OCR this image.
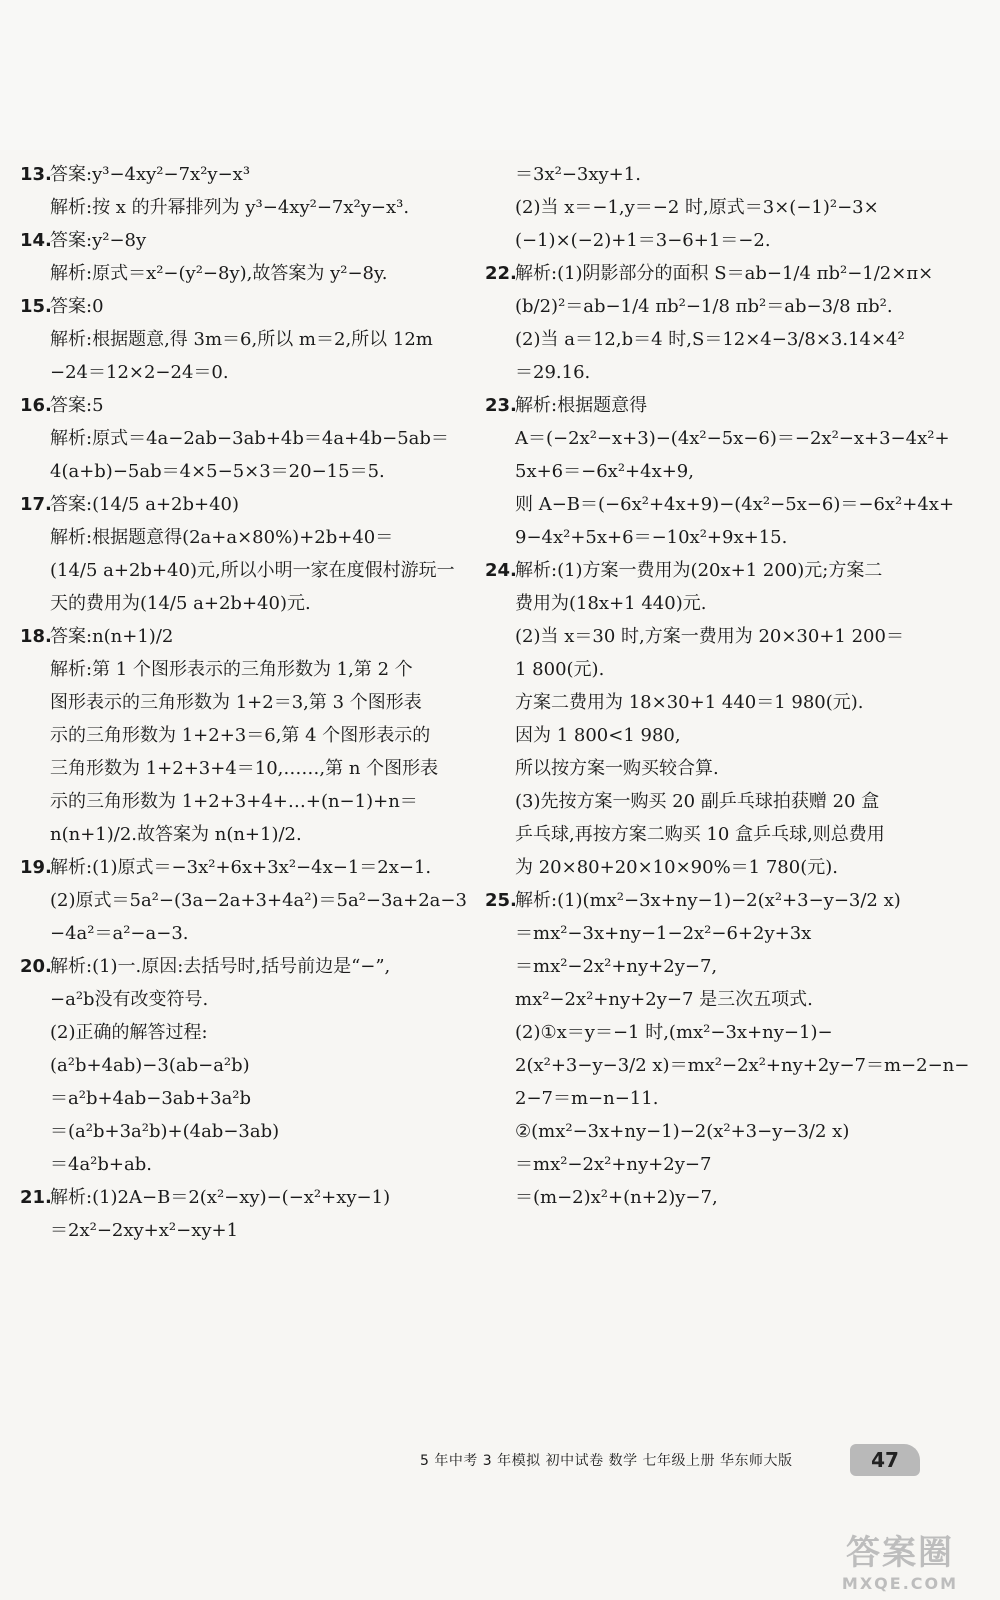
13.答案:y³−4xy²−7x²y−x³
解析:按 x 的升幂排列为 y³−4xy²−7x²y−x³.
14.答案:y²−8y
解析:原式＝x²−(y²−8y),故答案为 y²−8y.
15.答案:0
解析:根据题意,得 3m＝6,所以 m＝2,所以 12m
−24＝12×2−24＝0.
16.答案:5
解析:原式＝4a−2ab−3ab+4b＝4a+4b−5ab＝
4(a+b)−5ab＝4×5−5×3＝20−15＝5.
17.答案:(14/5 a+2b+40)
解析:根据题意得(2a+a×80%)+2b+40＝
(14/5 a+2b+40)元,所以小明一家在度假村游玩一
天的费用为(14/5 a+2b+40)元.
18.答案:n(n+1)/2
解析:第 1 个图形表示的三角形数为 1,第 2 个
图形表示的三角形数为 1+2＝3,第 3 个图形表
示的三角形数为 1+2+3＝6,第 4 个图形表示的
三角形数为 1+2+3+4＝10,……,第 n 个图形表
示的三角形数为 1+2+3+4+…+(n−1)+n＝
n(n+1)/2.故答案为 n(n+1)/2.
19.解析:(1)原式＝−3x²+6x+3x²−4x−1＝2x−1.
(2)原式＝5a²−(3a−2a+3+4a²)＝5a²−3a+2a−3
−4a²＝a²−a−3.
20.解析:(1)一.原因:去括号时,括号前边是“−”,
−a²b没有改变符号.
(2)正确的解答过程:
(a²b+4ab)−3(ab−a²b)
＝a²b+4ab−3ab+3a²b
＝(a²b+3a²b)+(4ab−3ab)
＝4a²b+ab.
21.解析:(1)2A−B＝2(x²−xy)−(−x²+xy−1)
＝2x²−2xy+x²−xy+1
＝3x²−3xy+1.
(2)当 x＝−1,y＝−2 时,原式＝3×(−1)²−3×
(−1)×(−2)+1＝3−6+1＝−2.
22.解析:(1)阴影部分的面积 S＝ab−1/4 πb²−1/2×π×
(b/2)²＝ab−1/4 πb²−1/8 πb²＝ab−3/8 πb².
(2)当 a＝12,b＝4 时,S＝12×4−3/8×3.14×4²
＝29.16.
23.解析:根据题意得
A＝(−2x²−x+3)−(4x²−5x−6)＝−2x²−x+3−4x²+
5x+6＝−6x²+4x+9,
则 A−B＝(−6x²+4x+9)−(4x²−5x−6)＝−6x²+4x+
9−4x²+5x+6＝−10x²+9x+15.
24.解析:(1)方案一费用为(20x+1 200)元;方案二
费用为(18x+1 440)元.
(2)当 x＝30 时,方案一费用为 20×30+1 200＝
1 800(元).
方案二费用为 18×30+1 440＝1 980(元).
因为 1 800<1 980,
所以按方案一购买较合算.
(3)先按方案一购买 20 副乒乓球拍获赠 20 盒
乒乓球,再按方案二购买 10 盒乒乓球,则总费用
为 20×80+20×10×90%＝1 780(元).
25.解析:(1)(mx²−3x+ny−1)−2(x²+3−y−3/2 x)
＝mx²−3x+ny−1−2x²−6+2y+3x
＝mx²−2x²+ny+2y−7,
mx²−2x²+ny+2y−7 是三次五项式.
(2)①x＝y＝−1 时,(mx²−3x+ny−1)−
2(x²+3−y−3/2 x)＝mx²−2x²+ny+2y−7＝m−2−n−
2−7＝m−n−11.
②(mx²−3x+ny−1)−2(x²+3−y−3/2 x)
＝mx²−2x²+ny+2y−7
＝(m−2)x²+(n+2)y−7,
5 年中考 3 年模拟 初中试卷 数学 七年级上册 华东师大版	47
答案圈
MXQE.COM
